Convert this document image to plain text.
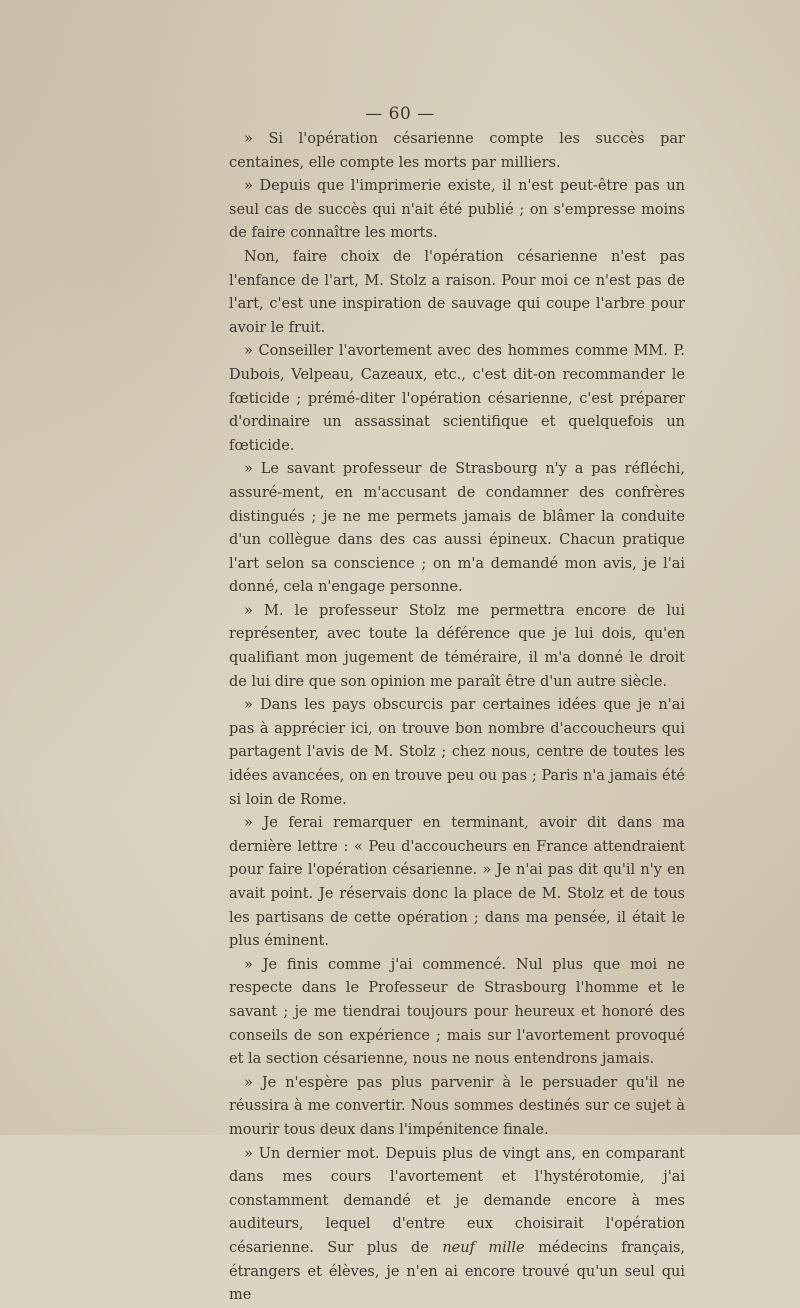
— 60 —

» Si l'opération césarienne compte les succès par centaines, elle compte les morts par milliers.

» Depuis que l'imprimerie existe, il n'est peut-être pas un seul cas de succès qui n'ait été publié ; on s'empresse moins de faire connaître les morts.

Non, faire choix de l'opération césarienne n'est pas l'enfance de l'art, M. Stolz a raison. Pour moi ce n'est pas de l'art, c'est une inspiration de sauvage qui coupe l'arbre pour avoir le fruit.

» Conseiller l'avortement avec des hommes comme MM. P. Dubois, Velpeau, Cazeaux, etc., c'est dit-on recommander le fœticide ; prémé-diter l'opération césarienne, c'est préparer d'ordinaire un assassinat scientifique et quelquefois un fœticide.

» Le savant professeur de Strasbourg n'y a pas réfléchi, assuré-ment, en m'accusant de condamner des confrères distingués ; je ne me permets jamais de blâmer la conduite d'un collègue dans des cas aussi épineux. Chacun pratique l'art selon sa conscience ; on m'a demandé mon avis, je l'ai donné, cela n'engage personne.

» M. le professeur Stolz me permettra encore de lui représenter, avec toute la déférence que je lui dois, qu'en qualifiant mon jugement de téméraire, il m'a donné le droit de lui dire que son opinion me paraît être d'un autre siècle.

» Dans les pays obscurcis par certaines idées que je n'ai pas à apprécier ici, on trouve bon nombre d'accoucheurs qui partagent l'avis de M. Stolz ; chez nous, centre de toutes les idées avancées, on en trouve peu ou pas ; Paris n'a jamais été si loin de Rome.

» Je ferai remarquer en terminant, avoir dit dans ma dernière lettre : « Peu d'accoucheurs en France attendraient pour faire l'opération césarienne. » Je n'ai pas dit qu'il n'y en avait point. Je réservais donc la place de M. Stolz et de tous les partisans de cette opération ; dans ma pensée, il était le plus éminent.

» Je finis comme j'ai commencé. Nul plus que moi ne respecte dans le Professeur de Strasbourg l'homme et le savant ; je me tiendrai toujours pour heureux et honoré des conseils de son expérience ; mais sur l'avortement provoqué et la section césarienne, nous ne nous entendrons jamais.

» Je n'espère pas plus parvenir à le persuader qu'il ne réussira à me convertir. Nous sommes destinés sur ce sujet à mourir tous deux dans l'impénitence finale.

» Un dernier mot. Depuis plus de vingt ans, en comparant dans mes cours l'avortement et l'hystérotomie, j'ai constamment demandé et je demande encore à mes auditeurs, lequel d'entre eux choisirait l'opération césarienne. Sur plus de neuf mille médecins français, étrangers et élèves, je n'en ai encore trouvé qu'un seul qui me
